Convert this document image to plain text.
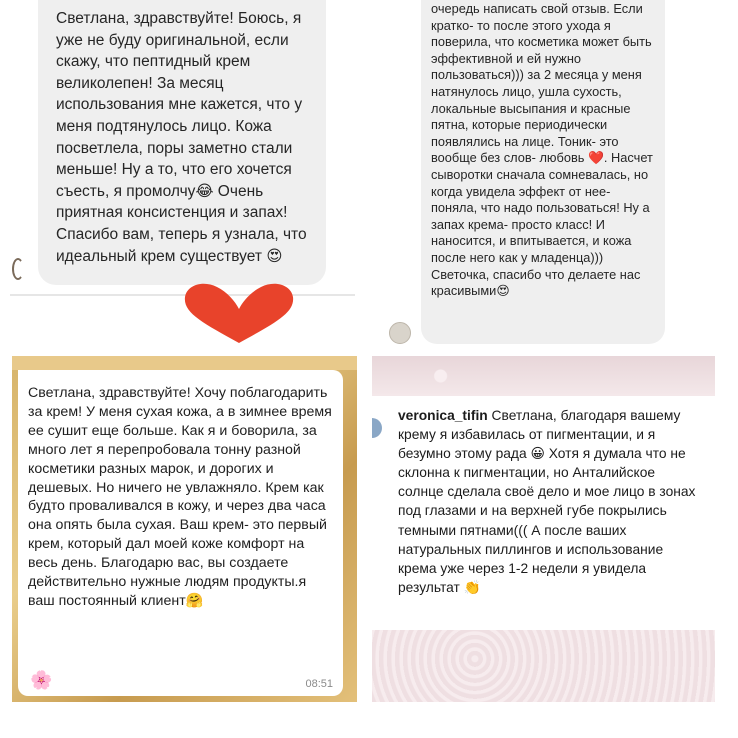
Светлана, здравствуйте! Боюсь, я уже не буду оригинальной, если скажу, что пептидный крем великолепен! За месяц использования мне кажется, что у меня подтянулось лицо. Кожа посветлела, поры заметно стали меньше! Ну а то, что его хочется съесть, я промолчу😂 Очень приятная консистенция и запах! Спасибо вам, теперь я узнала, что идеальный крем существует 😍

очередь написать свой отзыв. Если кратко- то после этого ухода я поверила, что косметика может быть эффективной и ей нужно пользоваться))) за 2 месяца у меня натянулось лицо, ушла сухость, локальные высыпания и красные пятна, которые периодически появлялись на лице. Тоник- это вообще без слов- любовь ❤️. Насчет сыворотки сначала сомневалась, но когда увидела эффект от нее- поняла, что надо пользоваться! Ну а запах крема- просто класс! И наносится, и впитывается, и кожа после него как у младенца))) Светочка, спасибо что делаете нас красивыми😍

Светлана, здравствуйте! Хочу поблагодарить за крем! У меня сухая кожа, а в зимнее время ее сушит еще больше. Как я и боворила, за много лет я перепробовала тонну разной косметики разных марок, и дорогих и дешевых. Но ничего не увлажняло. Крем как будто проваливался в кожу, и через два часа она опять была сухая. Ваш крем- это первый крем, который дал моей коже комфорт на весь день. Благодарю вас, вы создаете действительно нужные людям продукты.я ваш постоянный клиент🤗

🌸	08:51

veronica_tifin Светлана, благодаря вашему крему я избавилась от пигментации, и я безумно этому рада 😀 Хотя я думала что не склонна к пигментации, но Анталийское солнце сделала своё дело и мое лицо в зонах под глазами и на верхней губе покрылись темными пятнами((( А после ваших натуральных пиллингов и использование крема уже через 1-2 недели я увидела результат 👏
